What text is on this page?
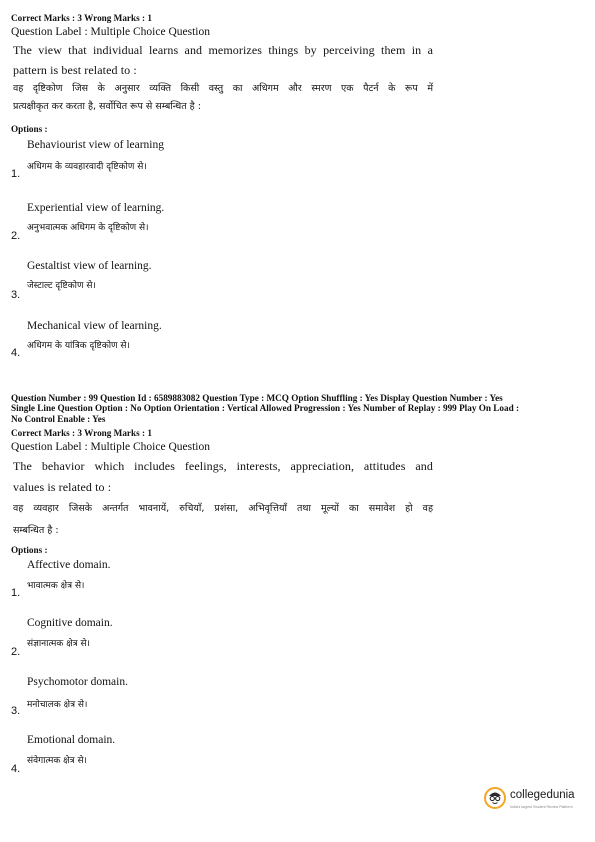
Correct Marks : 3 Wrong Marks : 1
Question Label : Multiple Choice Question
The view that individual learns and memorizes things by perceiving them in a
pattern is best related to :
वह दृष्टिकोण जिस के अनुसार व्यक्ति किसी वस्तु का अधिगम और स्मरण एक पैटर्न के रूप में
प्रत्यक्षीकृत कर करता है, सर्वोचित रूप से सम्बन्धित है :
Options :
Behaviourist view of learning
अधिगम के व्यवहारवादी दृष्टिकोण से।
1.
Experiential view of learning.
अनुभवात्मक अधिगम के दृष्टिकोण से।
2.
Gestaltist view of learning.
जेस्टाल्ट दृष्टिकोण से।
3.
Mechanical view of learning.
अधिगम के यांत्रिक दृष्टिकोण से।
4.
Question Number : 99 Question Id : 6589883082 Question Type : MCQ Option Shuffling : Yes Display Question Number : Yes
Single Line Question Option : No Option Orientation : Vertical Allowed Progression : Yes Number of Replay : 999 Play On Load :
No Control Enable : Yes
Correct Marks : 3 Wrong Marks : 1
Question Label : Multiple Choice Question
The behavior which includes feelings, interests, appreciation, attitudes and
values is related to :
वह व्यवहार जिसके अन्तर्गत भावनायें, रुचियाँ, प्रशंसा, अभिवृत्तियाँ तथा मूल्यों का समावेश हो वह
सम्बन्धित है :
Options :
Affective domain.
भावात्मक क्षेत्र से।
1.
Cognitive domain.
संज्ञानात्मक क्षेत्र से।
2.
Psychomotor domain.
मनोचालक क्षेत्र से।
3.
Emotional domain.
संवेगात्मक क्षेत्र से।
4.
collegedunia
India's largest Student Review Platform
